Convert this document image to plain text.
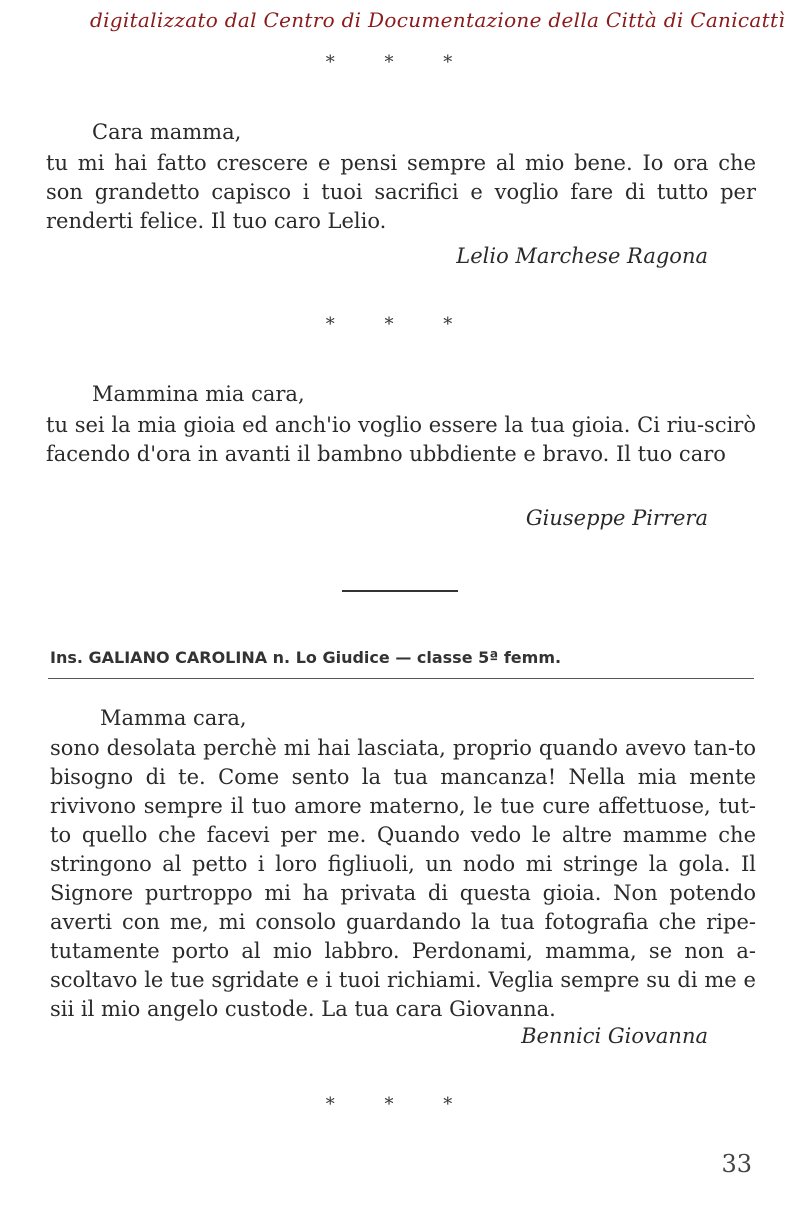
digitalizzato dal Centro di Documentazione della Città di Canicattì
* * *
Cara mamma,
tu mi hai fatto crescere e pensi sempre al mio bene. Io ora che son grandetto capisco i tuoi sacrifici e voglio fare di tutto per renderti felice. Il tuo caro Lelio.
Lelio Marchese Ragona
* * *
Mammina mia cara,
tu sei la mia gioia ed anch'io voglio essere la tua gioia. Ci riu-scirò facendo d'ora in avanti il bambno ubbdiente e bravo. Il tuo caro
Giuseppe Pirrera
Ins. GALIANO CAROLINA n. Lo Giudice — classe 5ª femm.
Mamma cara,
sono desolata perchè mi hai lasciata, proprio quando avevo tan-to bisogno di te. Come sento la tua mancanza! Nella mia mente rivivono sempre il tuo amore materno, le tue cure affettuose, tut-to quello che facevi per me. Quando vedo le altre mamme che stringono al petto i loro figliuoli, un nodo mi stringe la gola. Il Signore purtroppo mi ha privata di questa gioia. Non potendo averti con me, mi consolo guardando la tua fotografia che ripe-tutamente porto al mio labbro. Perdonami, mamma, se non a-scoltavo le tue sgridate e i tuoi richiami. Veglia sempre su di me e sii il mio angelo custode. La tua cara Giovanna.
Bennici Giovanna
* * *
33
